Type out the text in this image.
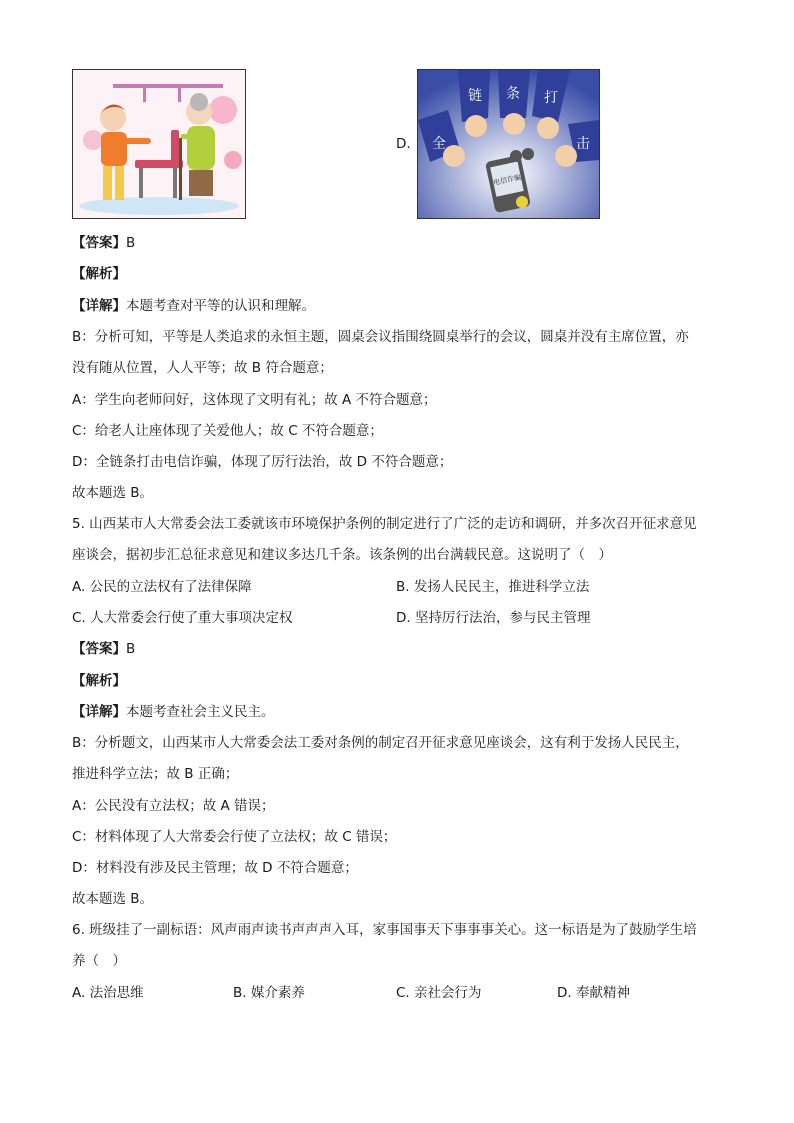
D. 全
链 条 打
击
电信诈骗
【答案】B
【解析】
【详解】本题考查对平等的认识和理解。
B：分析可知，平等是人类追求的永恒主题，圆桌会议指围绕圆桌举行的会议，圆桌并没有主席位置，亦
没有随从位置，人人平等；故 B 符合题意；
A：学生向老师问好，这体现了文明有礼；故 A 不符合题意；
C：给老人让座体现了关爱他人；故 C 不符合题意；
D：全链条打击电信诈骗，体现了厉行法治，故 D 不符合题意；
故本题选 B。
5. 山西某市人大常委会法工委就该市环境保护条例的制定进行了广泛的走访和调研，并多次召开征求意见
座谈会，据初步汇总征求意见和建议多达几千条。该条例的出台满载民意。这说明了（　）
A. 公民的立法权有了法律保障	B. 发扬人民民主，推进科学立法
C. 人大常委会行使了重大事项决定权	D. 坚持厉行法治，参与民主管理
【答案】B
【解析】
【详解】本题考查社会主义民主。
B：分析题文，山西某市人大常委会法工委对条例的制定召开征求意见座谈会，这有利于发扬人民民主，
推进科学立法；故 B 正确；
A：公民没有立法权；故 A 错误；
C：材料体现了人大常委会行使了立法权；故 C 错误；
D：材料没有涉及民主管理；故 D 不符合题意；
故本题选 B。
6. 班级挂了一副标语：风声雨声读书声声声入耳，家事国事天下事事事关心。这一标语是为了鼓励学生培
养（　）
A. 法治思维	B. 媒介素养	C. 亲社会行为	D. 奉献精神
